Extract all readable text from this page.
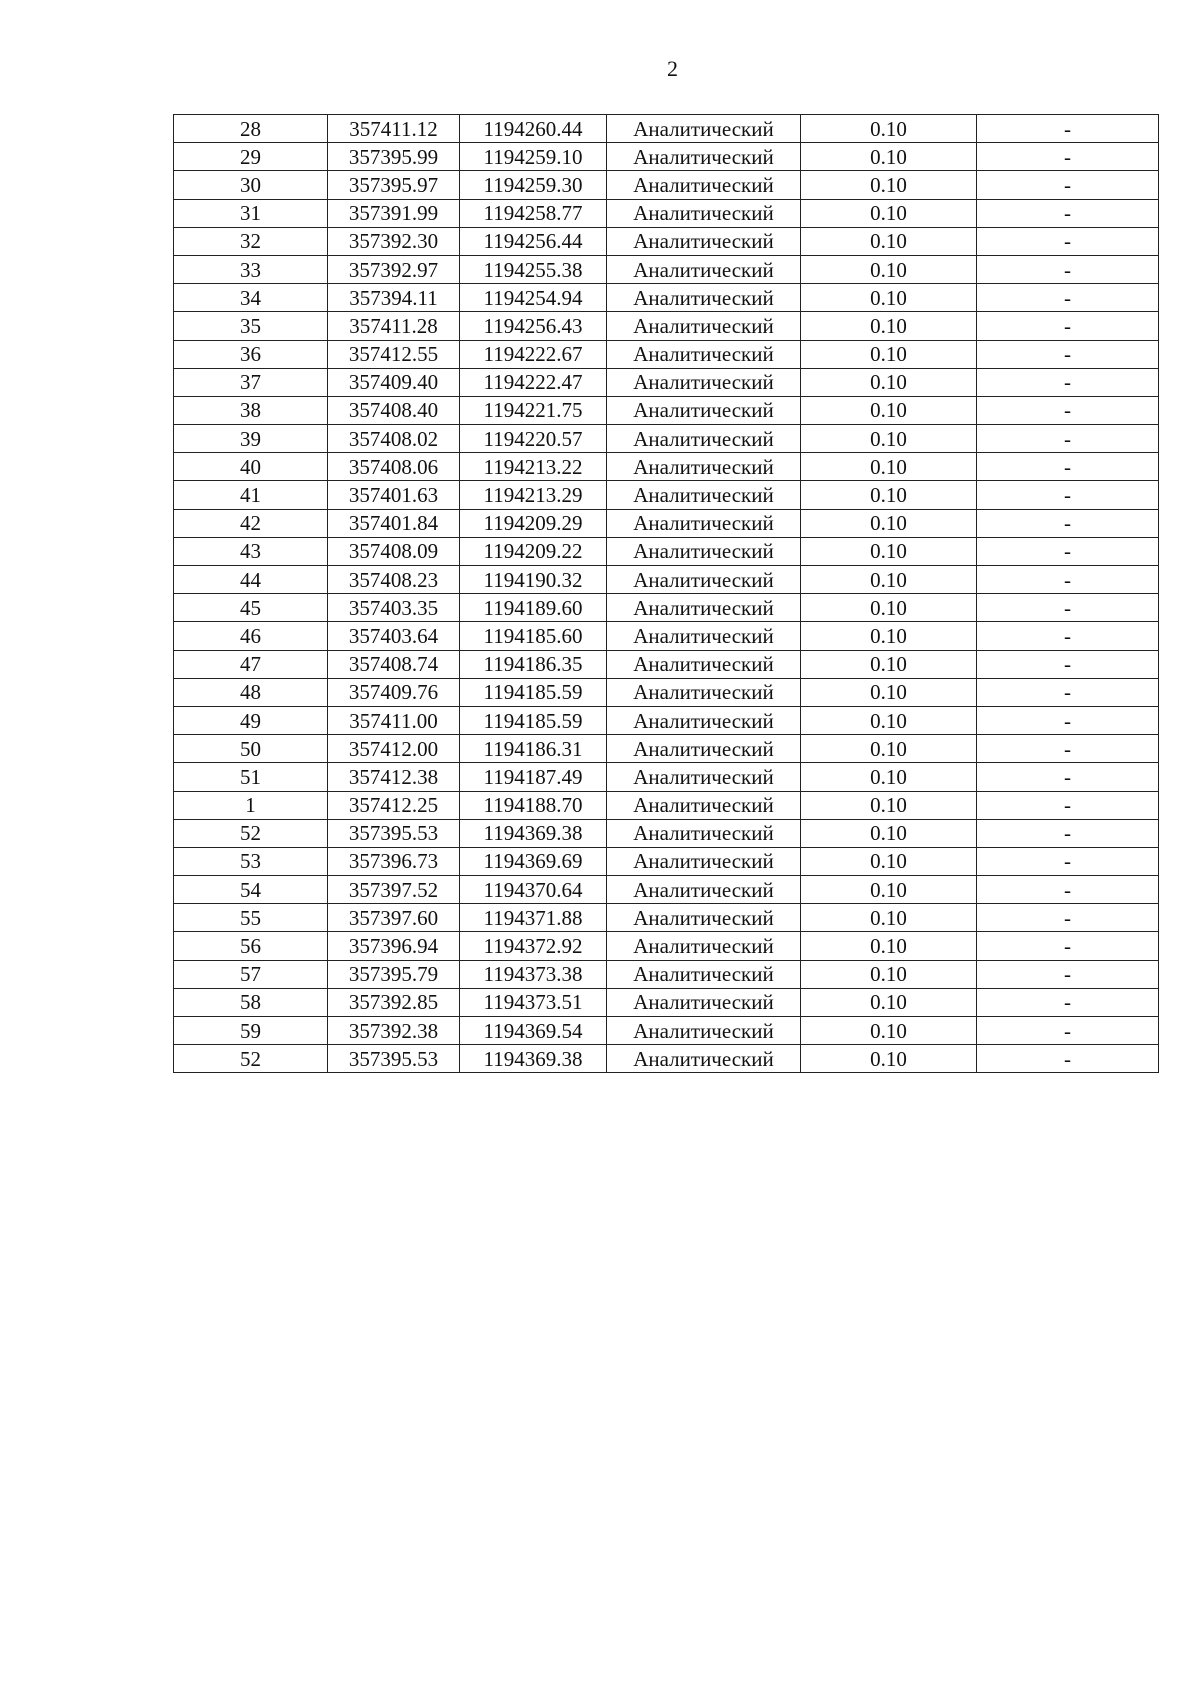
2
28	357411.12	1194260.44	Аналитический	0.10	-
29	357395.99	1194259.10	Аналитический	0.10	-
30	357395.97	1194259.30	Аналитический	0.10	-
31	357391.99	1194258.77	Аналитический	0.10	-
32	357392.30	1194256.44	Аналитический	0.10	-
33	357392.97	1194255.38	Аналитический	0.10	-
34	357394.11	1194254.94	Аналитический	0.10	-
35	357411.28	1194256.43	Аналитический	0.10	-
36	357412.55	1194222.67	Аналитический	0.10	-
37	357409.40	1194222.47	Аналитический	0.10	-
38	357408.40	1194221.75	Аналитический	0.10	-
39	357408.02	1194220.57	Аналитический	0.10	-
40	357408.06	1194213.22	Аналитический	0.10	-
41	357401.63	1194213.29	Аналитический	0.10	-
42	357401.84	1194209.29	Аналитический	0.10	-
43	357408.09	1194209.22	Аналитический	0.10	-
44	357408.23	1194190.32	Аналитический	0.10	-
45	357403.35	1194189.60	Аналитический	0.10	-
46	357403.64	1194185.60	Аналитический	0.10	-
47	357408.74	1194186.35	Аналитический	0.10	-
48	357409.76	1194185.59	Аналитический	0.10	-
49	357411.00	1194185.59	Аналитический	0.10	-
50	357412.00	1194186.31	Аналитический	0.10	-
51	357412.38	1194187.49	Аналитический	0.10	-
1	357412.25	1194188.70	Аналитический	0.10	-
52	357395.53	1194369.38	Аналитический	0.10	-
53	357396.73	1194369.69	Аналитический	0.10	-
54	357397.52	1194370.64	Аналитический	0.10	-
55	357397.60	1194371.88	Аналитический	0.10	-
56	357396.94	1194372.92	Аналитический	0.10	-
57	357395.79	1194373.38	Аналитический	0.10	-
58	357392.85	1194373.51	Аналитический	0.10	-
59	357392.38	1194369.54	Аналитический	0.10	-
52	357395.53	1194369.38	Аналитический	0.10	-
